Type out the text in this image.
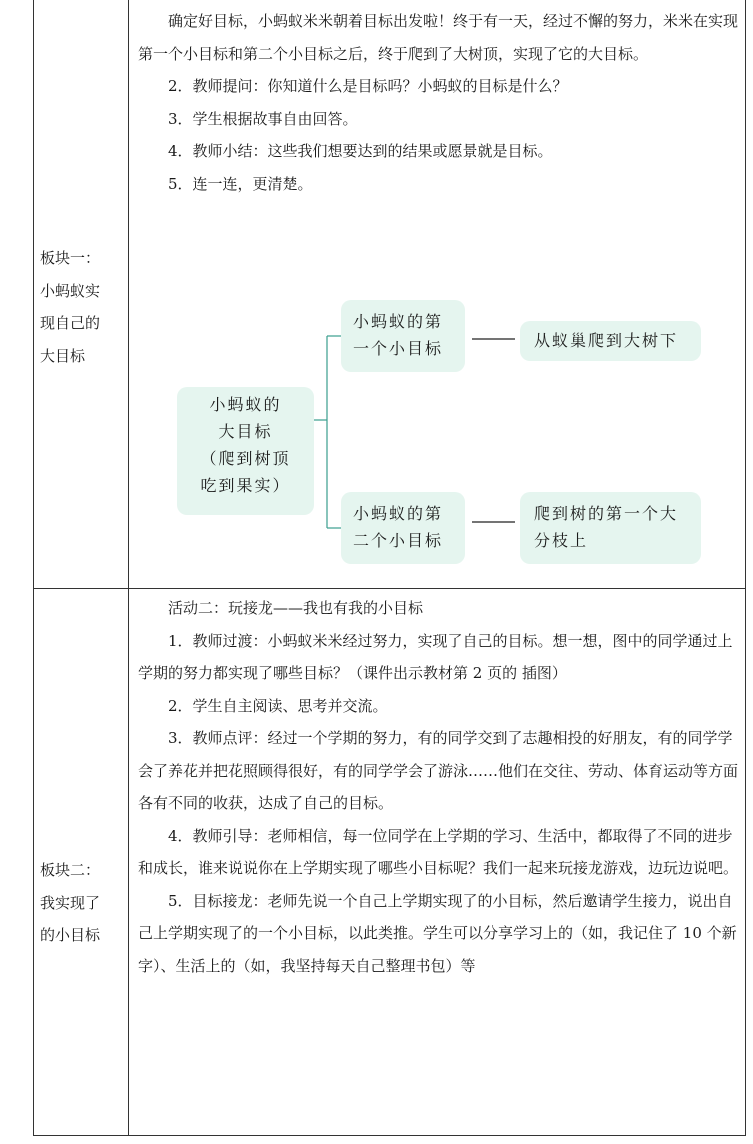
板块一：
小蚂蚁实
现自己的
大目标

确定好目标，小蚂蚁米米朝着目标出发啦！终于有一天，经过不懈的努力，米米在实现第一个小目标和第二个小目标之后，终于爬到了大树顶，实现了它的大目标。

2．教师提问：你知道什么是目标吗？小蚂蚁的目标是什么？

3．学生根据故事自由回答。

4．教师小结：这些我们想要达到的结果或愿景就是目标。

5．连一连，更清楚。

小蚂蚁的
大目标
（爬到树顶
吃到果实）
小蚂蚁的第
一个小目标	从蚁巢爬到大树下
小蚂蚁的第
二个小目标
爬到树的第一个大
分枝上
板块二：
我实现了
的小目标

活动二：玩接龙——我也有我的小目标

1．教师过渡：小蚂蚁米米经过努力，实现了自己的目标。想一想，图中的同学通过上学期的努力都实现了哪些目标？（课件出示教材第 2 页的 插图）

2．学生自主阅读、思考并交流。

3．教师点评：经过一个学期的努力，有的同学交到了志趣相投的好朋友，有的同学学会了养花并把花照顾得很好，有的同学学会了游泳……他们在交往、劳动、体育运动等方面各有不同的收获，达成了自己的目标。

4．教师引导：老师相信，每一位同学在上学期的学习、生活中，都取得了不同的进步和成长，谁来说说你在上学期实现了哪些小目标呢？我们一起来玩接龙游戏，边玩边说吧。

5．目标接龙：老师先说一个自己上学期实现了的小目标，然后邀请学生接力，说出自己上学期实现了的一个小目标，以此类推。学生可以分享学习上的（如，我记住了 10 个新字）、生活上的（如，我坚持每天自己整理书包）等
